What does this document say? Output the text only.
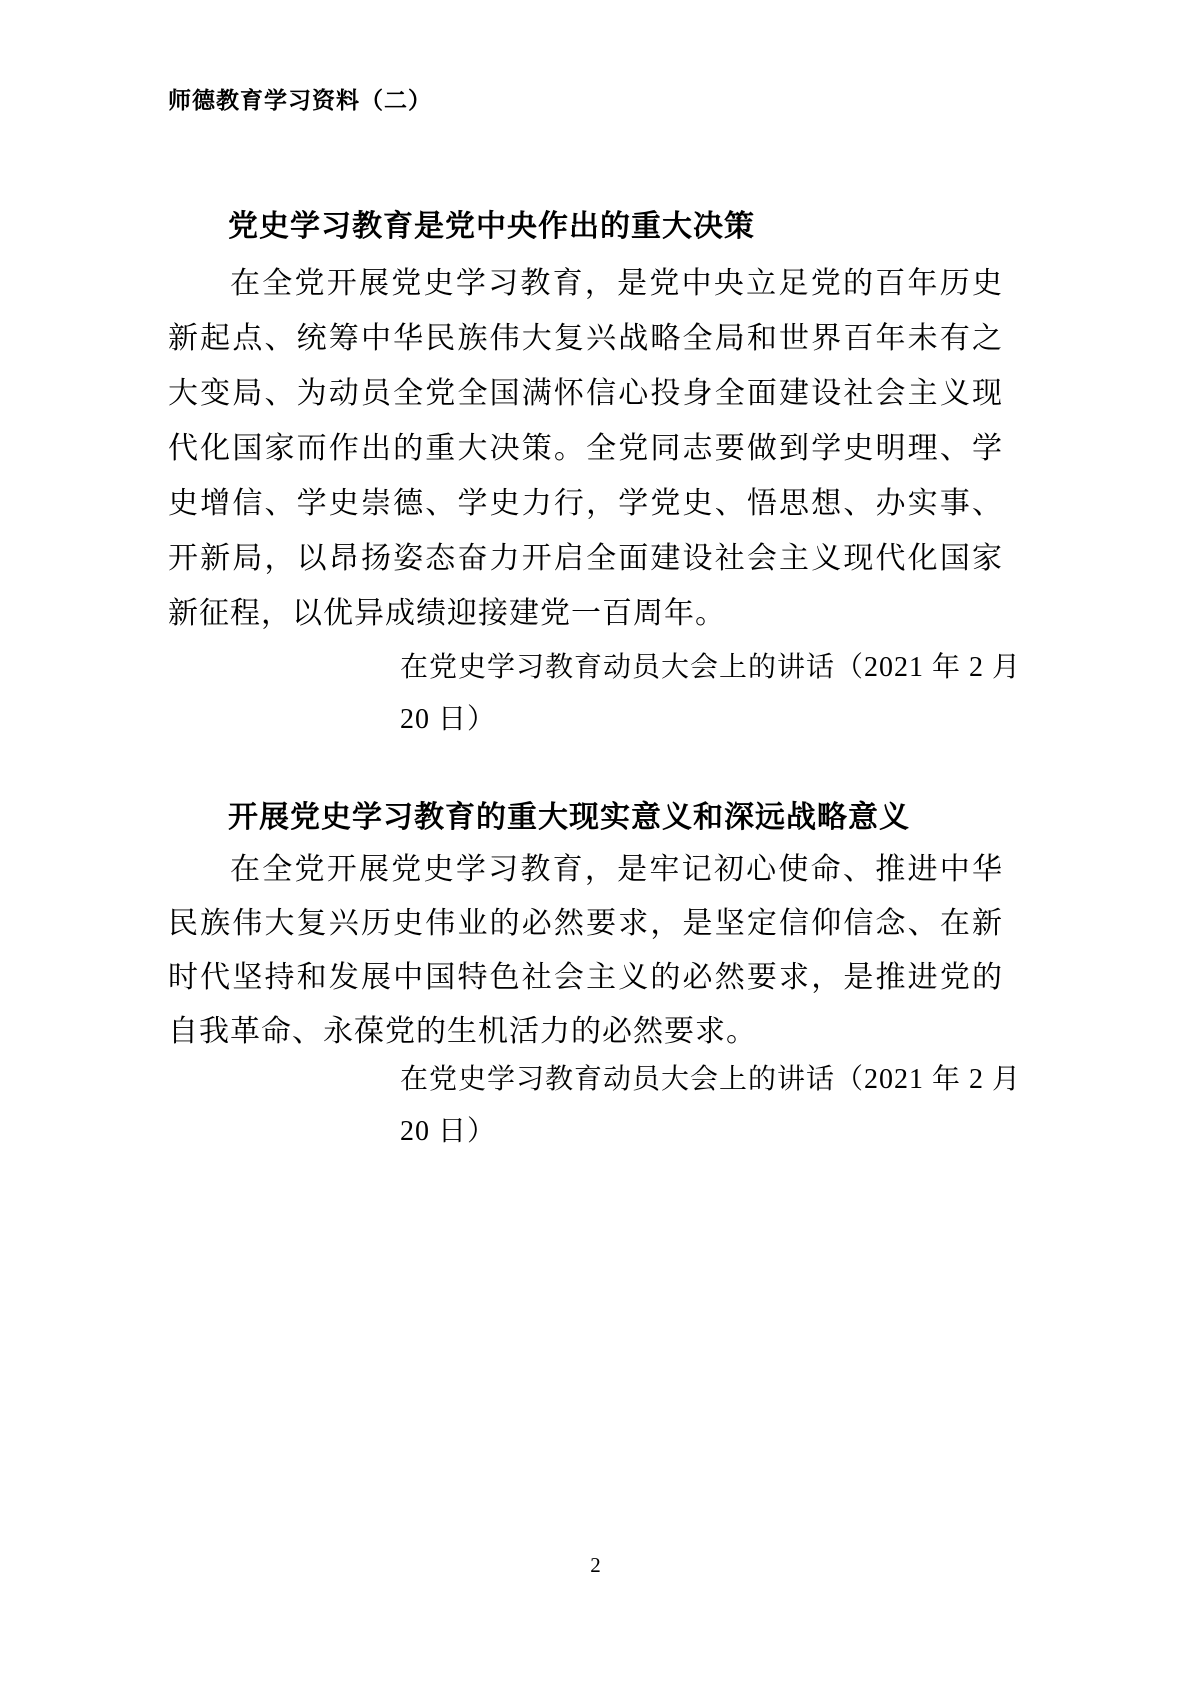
师德教育学习资料（二）
党史学习教育是党中央作出的重大决策
在全党开展党史学习教育，是党中央立足党的百年历史
新起点、统筹中华民族伟大复兴战略全局和世界百年未有之
大变局、为动员全党全国满怀信心投身全面建设社会主义现
代化国家而作出的重大决策。全党同志要做到学史明理、学
史增信、学史崇德、学史力行，学党史、悟思想、办实事、
开新局，以昂扬姿态奋力开启全面建设社会主义现代化国家
新征程，以优异成绩迎接建党一百周年。
在党史学习教育动员大会上的讲话（2021 年 2 月
20 日）
开展党史学习教育的重大现实意义和深远战略意义
在全党开展党史学习教育，是牢记初心使命、推进中华
民族伟大复兴历史伟业的必然要求，是坚定信仰信念、在新
时代坚持和发展中国特色社会主义的必然要求，是推进党的
自我革命、永葆党的生机活力的必然要求。
在党史学习教育动员大会上的讲话（2021 年 2 月
20 日）
2
